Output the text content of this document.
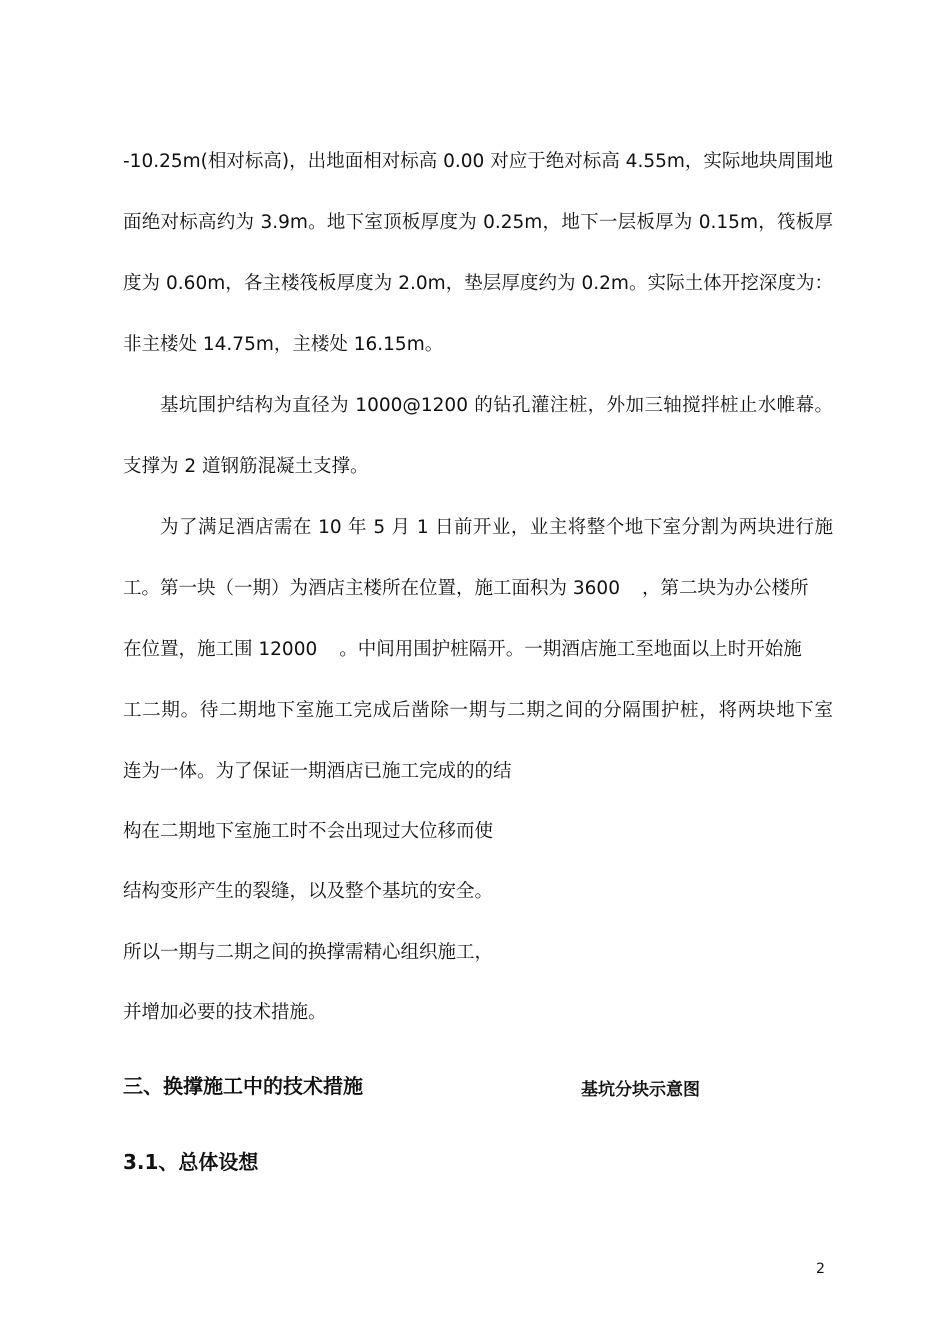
-10.25m(相对标高)，出地面相对标高 0.00 对应于绝对标高 4.55m，实际地块周围地
面绝对标高约为 3.9m。地下室顶板厚度为 0.25m，地下一层板厚为 0.15m，筏板厚
度为 0.60m，各主楼筏板厚度为 2.0m，垫层厚度约为 0.2m。实际土体开挖深度为：
非主楼处 14.75m，主楼处 16.15m。
基坑围护结构为直径为 1000@1200 的钻孔灌注桩，外加三轴搅拌桩止水帷幕。
支撑为 2 道钢筋混凝土支撑。
为了满足酒店需在 10 年 5 月 1 日前开业，业主将整个地下室分割为两块进行施
工。第一块（一期）为酒店主楼所在位置，施工面积为 3600 ，第二块为办公楼所
在位置，施工围 12000 。中间用围护桩隔开。一期酒店施工至地面以上时开始施
工二期。待二期地下室施工完成后凿除一期与二期之间的分隔围护桩，将两块地下室
连为一体。为了保证一期酒店已施工完成的的结
构在二期地下室施工时不会出现过大位移而使
结构变形产生的裂缝，以及整个基坑的安全。
所以一期与二期之间的换撑需精心组织施工，
并增加必要的技术措施。
三、换撑施工中的技术措施	基坑分块示意图
3.1、总体设想
2
